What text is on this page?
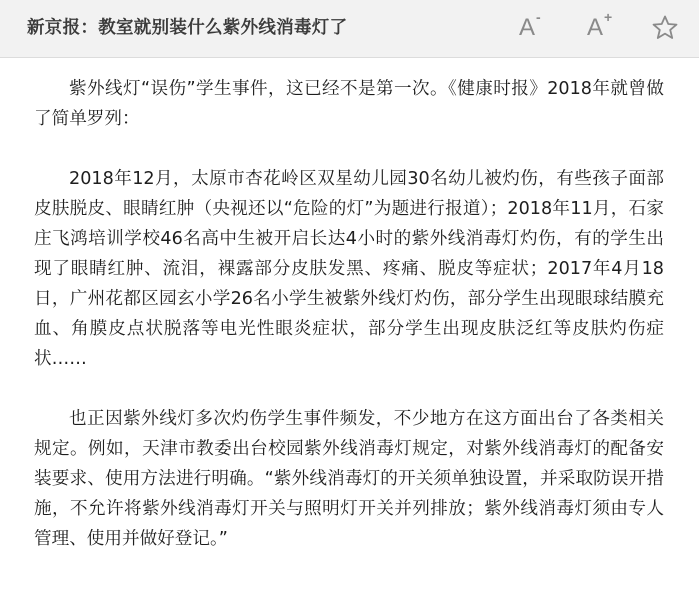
新京报：教室就别装什么紫外线消毒灯了	A - A +

紫外线灯“误伤”学生事件，这已经不是第一次。《健康时报》2018年就曾做了简单罗列：

2018年12月，太原市杏花岭区双星幼儿园30名幼儿被灼伤，有些孩子面部皮肤脱皮、眼睛红肿（央视还以“危险的灯”为题进行报道）；2018年11月，石家庄飞鸿培训学校46名高中生被开启长达4小时的紫外线消毒灯灼伤，有的学生出现了眼睛红肿、流泪，裸露部分皮肤发黑、疼痛、脱皮等症状；2017年4月18日，广州花都区园玄小学26名小学生被紫外线灯灼伤，部分学生出现眼球结膜充血、角膜皮点状脱落等电光性眼炎症状，部分学生出现皮肤泛红等皮肤灼伤症状……

也正因紫外线灯多次灼伤学生事件频发，不少地方在这方面出台了各类相关规定。例如，天津市教委出台校园紫外线消毒灯规定，对紫外线消毒灯的配备安装要求、使用方法进行明确。“紫外线消毒灯的开关须单独设置，并采取防误开措施，不允许将紫外线消毒灯开关与照明灯开关并列排放；紫外线消毒灯须由专人管理、使用并做好登记。”
